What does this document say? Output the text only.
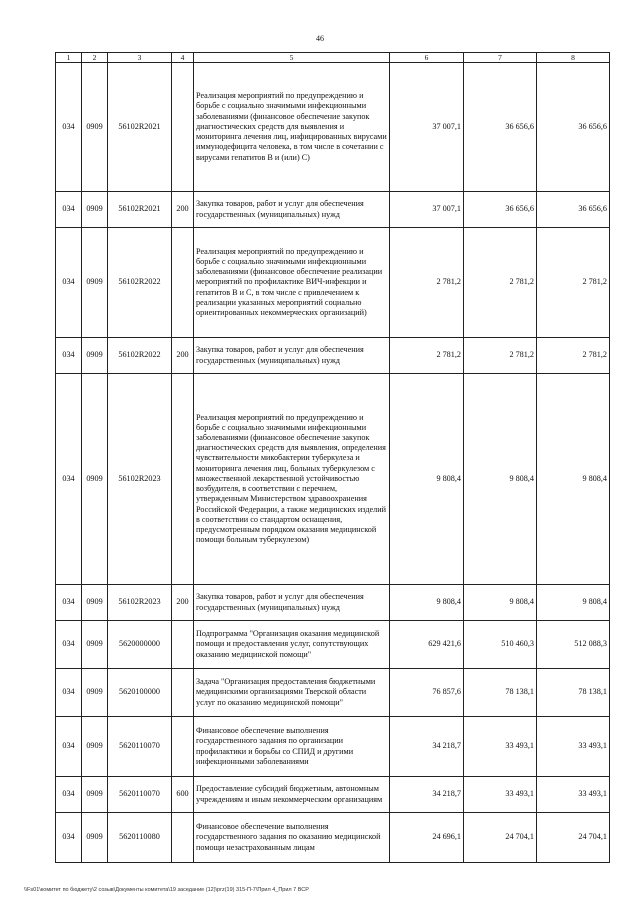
46
1	2	3	4	5	6	7	8
034	0909	56102R2021		Реализация мероприятий по предупреждению и борьбе с социально значимыми инфекционными заболеваниями (финансовое обеспечение закупок диагностических средств для выявления и мониторинга лечения лиц, инфицированных вирусами иммунодефицита человека, в том числе в сочетании с вирусами гепатитов В и (или) С)	37 007,1	36 656,6	36 656,6
034	0909	56102R2021	200	Закупка товаров, работ и услуг для обеспечения государственных (муниципальных) нужд	37 007,1	36 656,6	36 656,6
034	0909	56102R2022		Реализация мероприятий по предупреждению и борьбе с социально значимыми инфекционными заболеваниями (финансовое обеспечение реализации мероприятий по профилактике ВИЧ-инфекции и гепатитов В и С, в том числе с привлечением к реализации указанных мероприятий социально ориентированных некоммерческих организаций)	2 781,2	2 781,2	2 781,2
034	0909	56102R2022	200	Закупка товаров, работ и услуг для обеспечения государственных (муниципальных) нужд	2 781,2	2 781,2	2 781,2
034	0909	56102R2023		Реализация мероприятий по предупреждению и борьбе с социально значимыми инфекционными заболеваниями (финансовое обеспечение закупок диагностических средств для выявления, определения чувствительности микобактерии туберкулеза и мониторинга лечения лиц, больных туберкулезом с множественной лекарственной устойчивостью возбудителя, в соответствии с перечнем, утвержденным Министерством здравоохранения Российской Федерации, а также медицинских изделий в соответствии со стандартом оснащения, предусмотренным порядком оказания медицинской помощи больным туберкулезом)	9 808,4	9 808,4	9 808,4
034	0909	56102R2023	200	Закупка товаров, работ и услуг для обеспечения государственных (муниципальных) нужд	9 808,4	9 808,4	9 808,4
034	0909	5620000000		Подпрограмма "Организация оказания медицинской помощи и предоставления услуг, сопутствующих оказанию медицинской помощи"	629 421,6	510 460,3	512 088,3
034	0909	5620100000		Задача "Организация предоставления бюджетными медицинскими организациями Тверской области услуг по оказанию медицинской помощи"	76 857,6	78 138,1	78 138,1
034	0909	5620110070		Финансовое обеспечение выполнения государственного задания по организации профилактики и борьбы со СПИД и другими инфекционными заболеваниями	34 218,7	33 493,1	33 493,1
034	0909	5620110070	600	Предоставление субсидий бюджетным, автономным учреждениям и иным некоммерческим организациям	34 218,7	33 493,1	33 493,1
034	0909	5620110080		Финансовое обеспечение выполнения государственного задания по оказанию медицинской помощи незастрахованным лицам	24 696,1	24 704,1	24 704,1
\\Fs01\комитет по бюджету\2 созыв\Документы комитета\19 заседание (12)\prz(19) 315-П-7\Прил 4_Прил 7 ВСР
